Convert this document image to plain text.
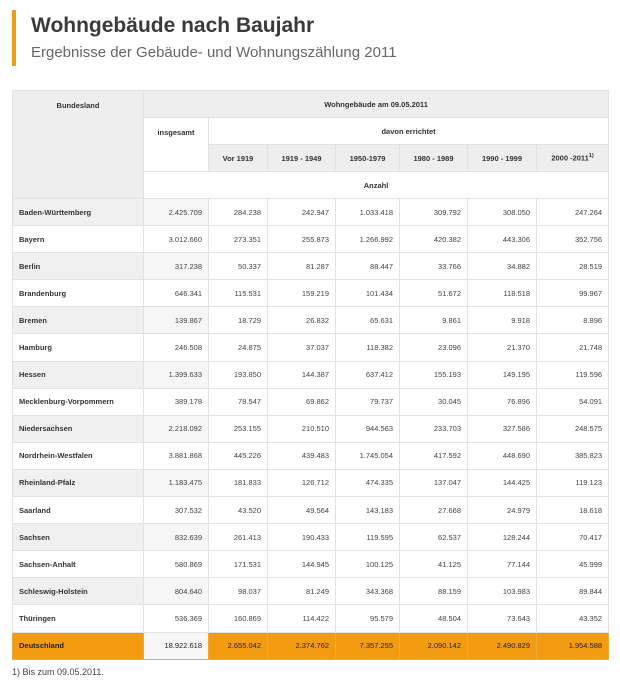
Wohngebäude nach Baujahr
Ergebnisse der Gebäude- und Wohnungszählung 2011
Bundesland	Wohngebäude am 09.05.2011						
	insgesamt	davon errichtet					
		Vor 1919	1919 - 1949	1950-1979	1980 - 1989	1990 - 1999	2000 -2011$^{1)}$
	Anzahl						
Baden-Württemberg	2.425.709	284.238	242.947	1.033.418	309.792	308.050	247.264
Bayern	3.012.660	273.351	255.873	1.266.992	420.382	443.306	352.756
Berlin	317.238	50.337	81.287	88.447	33.766	34.882	28.519
Brandenburg	646.341	115.531	159.219	101.434	51.672	118.518	99.967
Bremen	139.867	18.729	26.832	65.631	9.861	9.918	8.896
Hamburg	246.508	24.875	37.037	118.382	23.096	21.370	21.748
Hessen	1.399.633	193.850	144.387	637.412	155.193	149.195	119.596
Mecklenburg-Vorpommern	389.178	78.547	69.862	79.737	30.045	76.896	54.091
Niedersachsen	2.218.092	253.155	210.510	944.563	233.703	327.586	248.575
Nordrhein-Westfalen	3.881.868	445.226	439.483	1.745.054	417.592	448.690	385.823
Rheinland-Pfalz	1.183.475	181.833	126.712	474.335	137.047	144.425	119.123
Saarland	307.532	43.520	49.564	143.183	27.668	24.979	18.618
Sachsen	832.639	261.413	190.433	119.595	62.537	128.244	70.417
Sachsen-Anhalt	580.869	171.531	144.945	100.125	41.125	77.144	45.999
Schleswig-Holstein	804.640	98.037	81.249	343.368	88.159	103.983	89.844
Thüringen	536.369	160.869	114.422	95.579	48.504	73.643	43.352
Deutschland	18.922.618	2.655.042	2.374.762	7.357.255	2.090.142	2.490.829	1.954.588
1) Bis zum 09.05.2011.
